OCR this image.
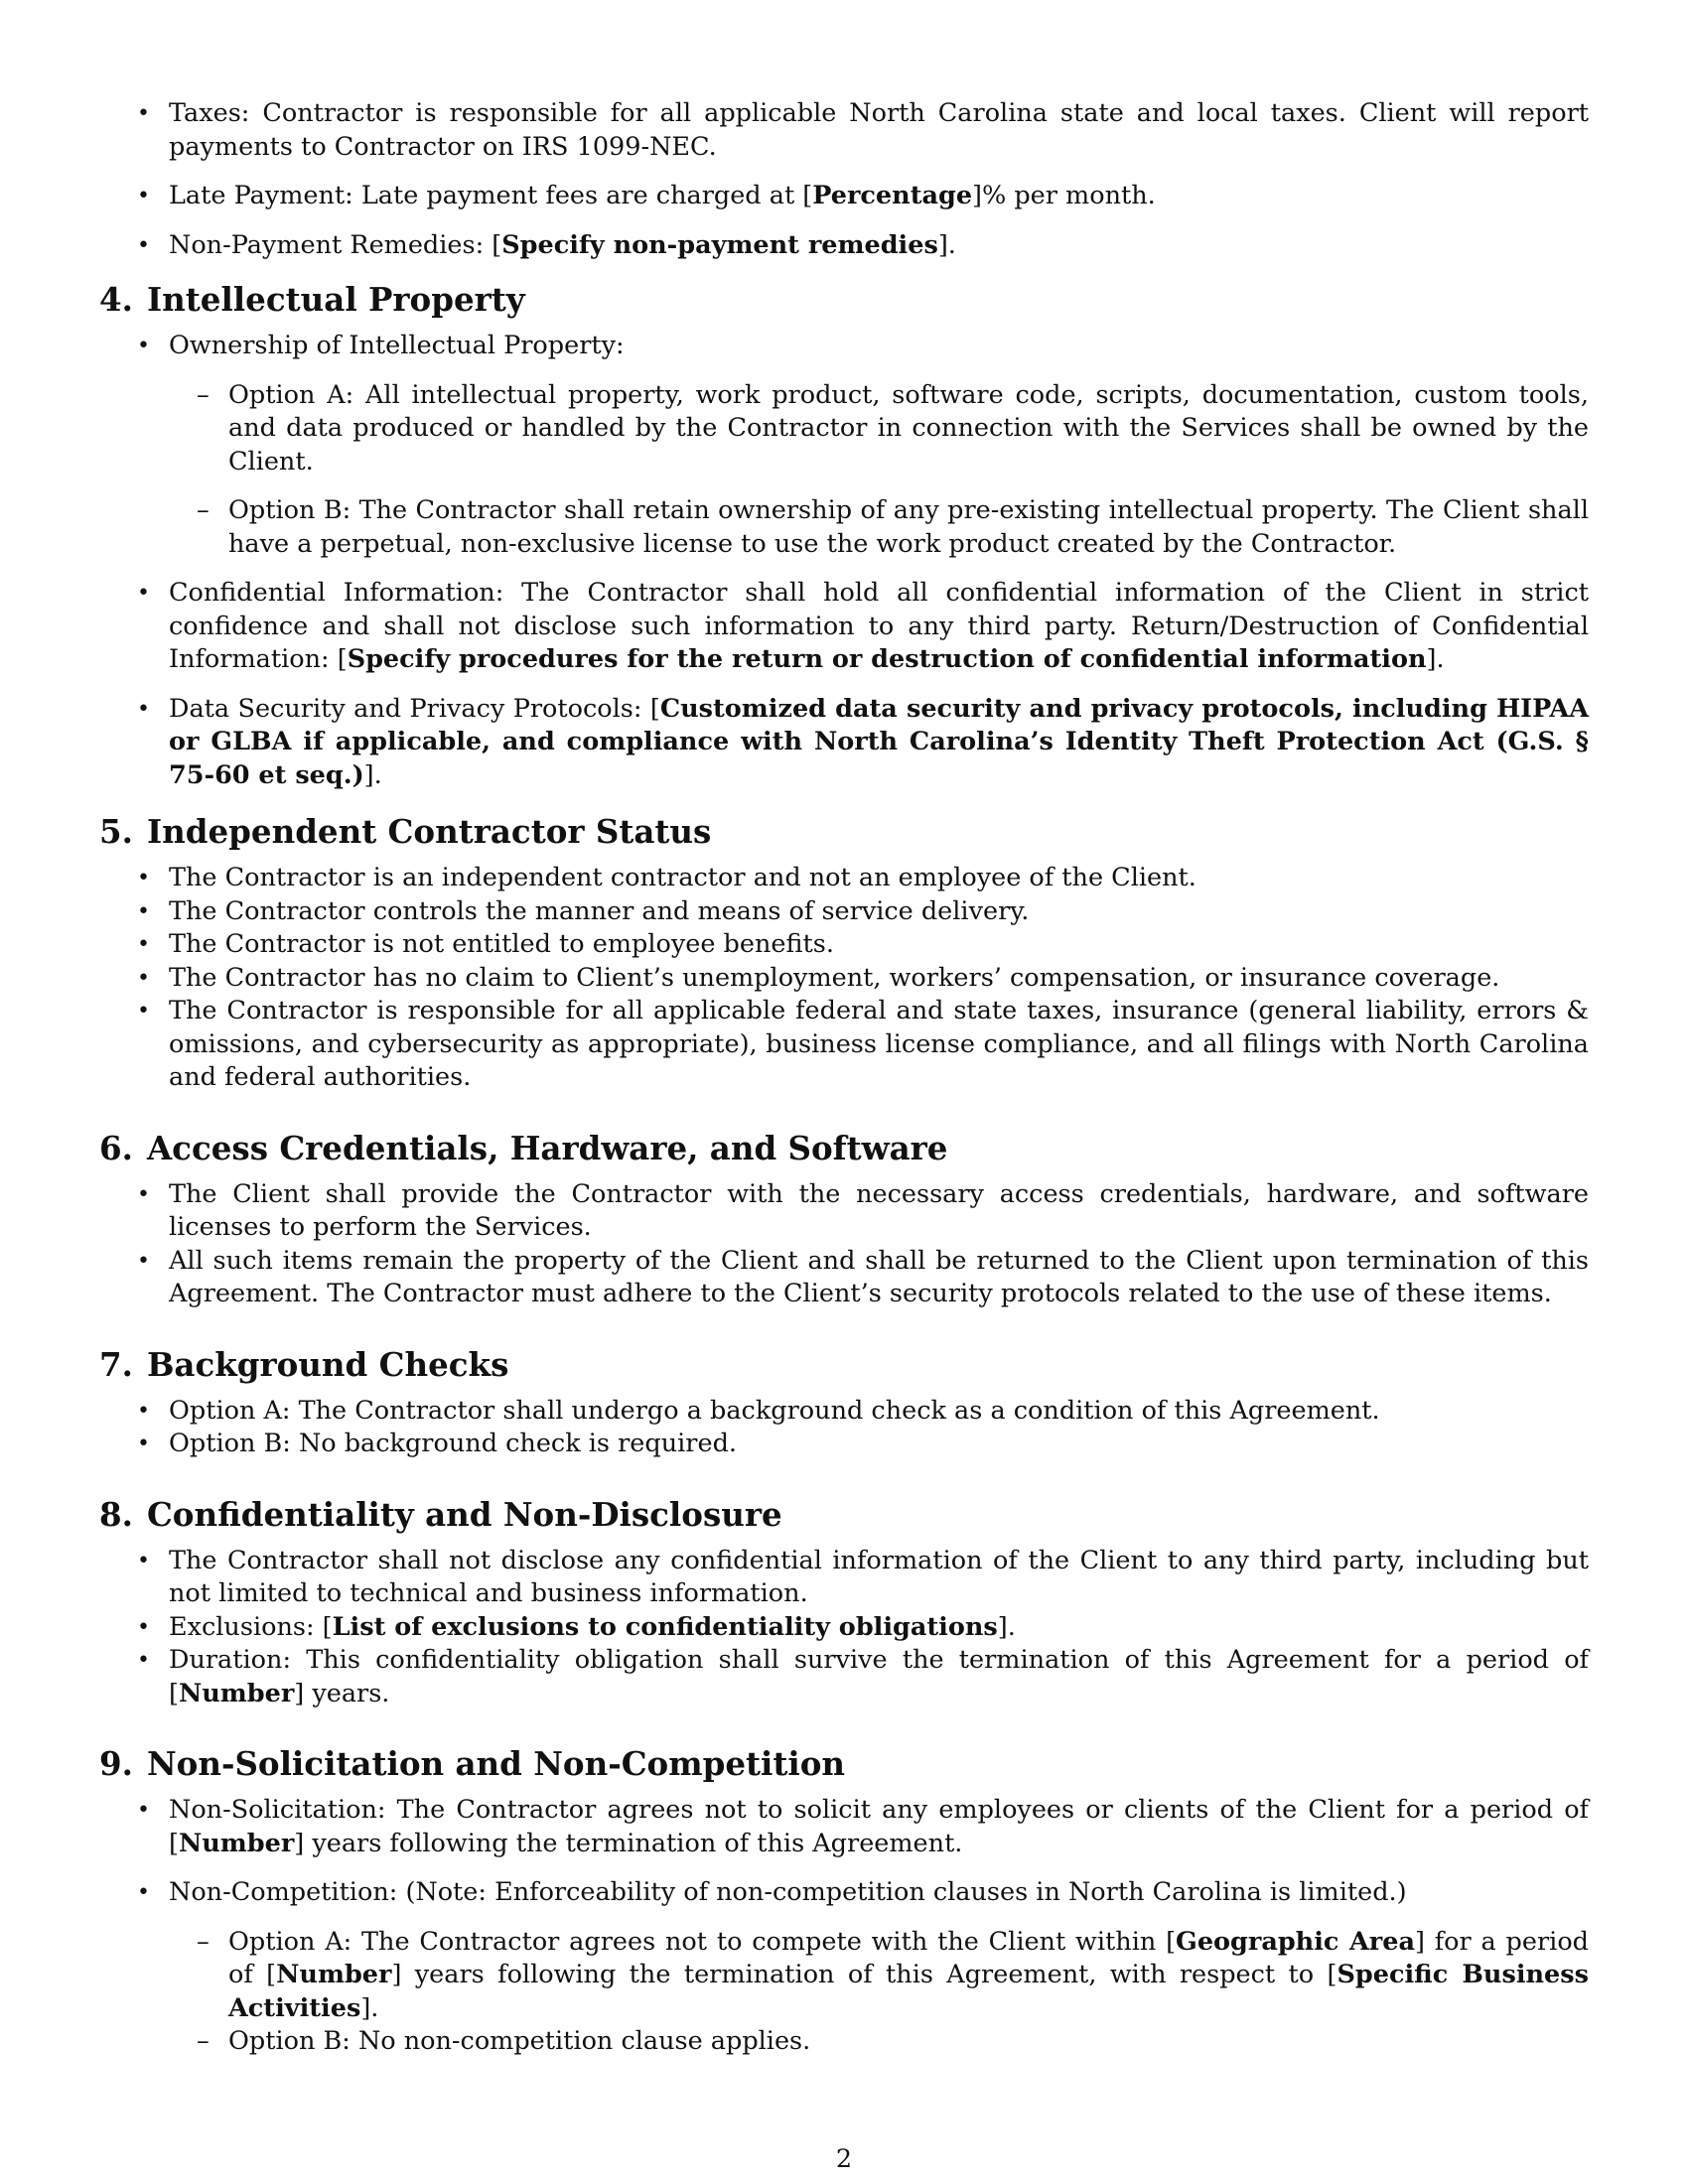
• Taxes: Contractor is responsible for all applicable North Carolina state and local taxes. Client will report payments to Contractor on IRS 1099-NEC.
• Late Payment: Late payment fees are charged at [Percentage]% per month.
• Non-Payment Remedies: [Specify non-payment remedies].
4. Intellectual Property
• Ownership of Intellectual Property:
– Option A: All intellectual property, work product, software code, scripts, documentation, custom tools, and data produced or handled by the Contractor in connection with the Services shall be owned by the Client.
– Option B: The Contractor shall retain ownership of any pre-existing intellectual property. The Client shall have a perpetual, non-exclusive license to use the work product created by the Contractor.
• Confidential Information: The Contractor shall hold all confidential information of the Client in strict confidence and shall not disclose such information to any third party. Return/Destruction of Confidential Information: [Specify procedures for the return or destruction of confidential information].
• Data Security and Privacy Protocols: [Customized data security and privacy protocols, including HIPAA or GLBA if applicable, and compliance with North Carolina’s Identity Theft Protection Act (G.S. § 75-60 et seq.)].
5. Independent Contractor Status
• The Contractor is an independent contractor and not an employee of the Client.
• The Contractor controls the manner and means of service delivery.
• The Contractor is not entitled to employee benefits.
• The Contractor has no claim to Client’s unemployment, workers’ compensation, or insurance coverage.
• The Contractor is responsible for all applicable federal and state taxes, insurance (general liability, errors & omissions, and cybersecurity as appropriate), business license compliance, and all filings with North Carolina and federal authorities.
6. Access Credentials, Hardware, and Software
• The Client shall provide the Contractor with the necessary access credentials, hardware, and software licenses to perform the Services.
• All such items remain the property of the Client and shall be returned to the Client upon termination of this Agreement. The Contractor must adhere to the Client’s security protocols related to the use of these items.
7. Background Checks
• Option A: The Contractor shall undergo a background check as a condition of this Agreement.
• Option B: No background check is required.
8. Confidentiality and Non-Disclosure
• The Contractor shall not disclose any confidential information of the Client to any third party, including but not limited to technical and business information.
• Exclusions: [List of exclusions to confidentiality obligations].
• Duration: This confidentiality obligation shall survive the termination of this Agreement for a period of [Number] years.
9. Non-Solicitation and Non-Competition
• Non-Solicitation: The Contractor agrees not to solicit any employees or clients of the Client for a period of [Number] years following the termination of this Agreement.
• Non-Competition: (Note: Enforceability of non-competition clauses in North Carolina is limited.)
– Option A: The Contractor agrees not to compete with the Client within [Geographic Area] for a period of [Number] years following the termination of this Agreement, with respect to [Specific Business Activities].
– Option B: No non-competition clause applies.
2
